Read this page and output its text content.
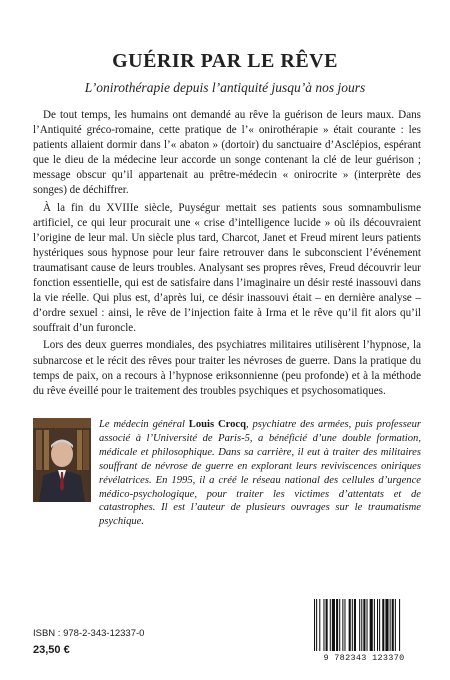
GUÉRIR PAR LE RÊVE
L’onirothérapie depuis l’antiquité jusqu’à nos jours

De tout temps, les humains ont demandé au rêve la guérison de leurs maux. Dans l’Antiquité gréco-romaine, cette pratique de l’« onirothérapie » était courante : les patients allaient dormir dans l’« abaton » (dortoir) du sanctuaire d’Asclépios, espérant que le dieu de la médecine leur accorde un songe contenant la clé de leur guérison ; message obscur qu’il appartenait au prêtre-médecin « onirocrite » (interprète des songes) de déchiffrer.

À la fin du XVIIIe siècle, Puységur mettait ses patients sous somnambulisme artificiel, ce qui leur procurait une « crise d’intelligence lucide » où ils découvraient l’origine de leur mal. Un siècle plus tard, Charcot, Janet et Freud mirent leurs patients hystériques sous hypnose pour leur faire retrouver dans le subconscient l’événement traumatisant cause de leurs troubles. Analysant ses propres rêves, Freud découvrir leur fonction essentielle, qui est de satisfaire dans l’imaginaire un désir resté inassouvi dans la vie réelle. Qui plus est, d’après lui, ce désir inassouvi était – en dernière analyse – d’ordre sexuel : ainsi, le rêve de l’injection faite à Irma et le rêve qu’il fit alors qu’il souffrait d’un furoncle.

Lors des deux guerres mondiales, des psychiatres militaires utilisèrent l’hypnose, la subnarcose et le récit des rêves pour traiter les névroses de guerre. Dans la pratique du temps de paix, on a recours à l’hypnose eriksonnienne (peu profonde) et à la méthode du rêve éveillé pour le traitement des troubles psychiques et psychosomatiques.

Le médecin général Louis Crocq, psychiatre des armées, puis professeur associé à l’Université de Paris-5, a bénéficié d’une double formation, médicale et philosophique. Dans sa carrière, il eut à traiter des militaires souffrant de névrose de guerre en explorant leurs reviviscences oniriques révélatrices. En 1995, il a créé le réseau national des cellules d’urgence médico-psychologique, pour traiter les victimes d’attentats et de catastrophes. Il est l’auteur de plusieurs ouvrages sur le traumatisme psychique.

ISBN : 978-2-343-12337-0
23,50 €
9 782343 123370
